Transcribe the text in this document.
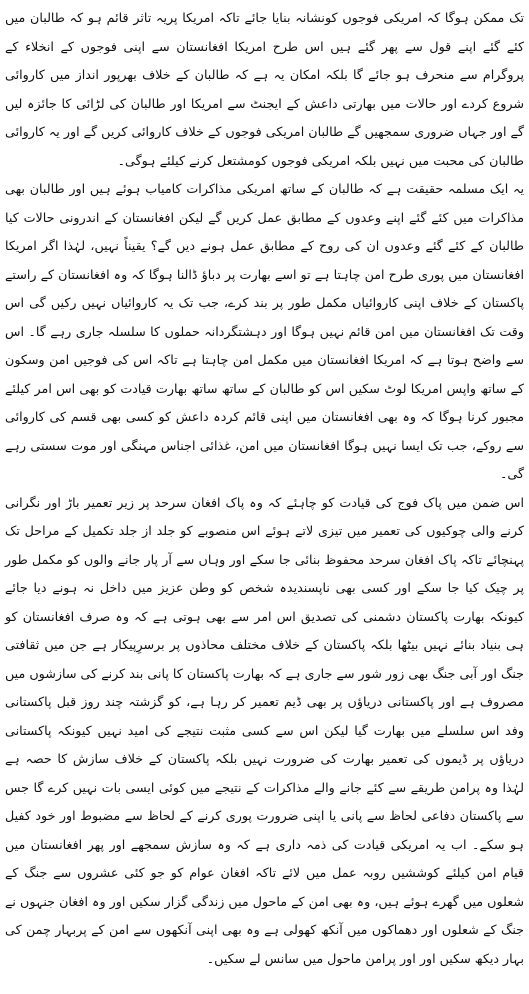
تک ممکن ہوگا کہ امریکی فوجوں کونشانہ بنایا جائے تاکہ امریکا پریہ تاثر قائم ہو کہ طالبان میں کئے گئے اپنے قول سے پھر گئے ہیں اس طرح امریکا افغانستان سے اپنی فوجوں کے انخلاء کے پروگرام سے منحرف ہو جائے گا بلکہ امکان یہ ہے کہ طالبان کے خلاف بھرپور انداز میں کاروائی شروع کردے اور حالات میں بھارتی داعش کے ایجنٹ سے امریکا اور طالبان کی لڑائی کا جائزہ لیں گے اور جہاں ضروری سمجھیں گے طالبان امریکی فوجوں کے خلاف کاروائی کریں گے اور یہ کاروائی طالبان کی محبت میں نہیں بلکہ امریکی فوجوں کومشتعل کرنے کیلئے ہوگی۔

یہ ایک مسلمہ حقیقت ہے کہ طالبان کے ساتھ امریکی مذاکرات کامیاب ہوئے ہیں اور طالبان بھی مذاکرات میں کئے گئے اپنے وعدوں کے مطابق عمل کریں گے لیکن افغانستان کے اندرونی حالات کیا طالبان کے کئے گئے وعدوں ان کی روح کے مطابق عمل ہونے دیں گے؟ یقیناً نہیں، لہٰذا اگر امریکا افغانستان میں پوری طرح امن چاہتا ہے تو اسے بھارت پر دباؤ ڈالنا ہوگا کہ وہ افغانستان کے راستے پاکستان کے خلاف اپنی کاروائیاں مکمل طور پر بند کرے، جب تک یہ کاروائیاں نہیں رکیں گی اس وقت تک افغانستان میں امن قائم نہیں ہوگا اور دہشتگردانہ حملوں کا سلسلہ جاری رہے گا۔ اس سے واضح ہوتا ہے کہ امریکا افغانستان میں مکمل امن چاہتا ہے تاکہ اس کی فوجیں امن وسکون کے ساتھ واپس امریکا لوٹ سکیں اس کو طالبان کے ساتھ ساتھ بھارت قیادت کو بھی اس امر کیلئے مجبور کرنا ہوگا کہ وہ بھی افغانستان میں اپنی قائم کردہ داعش کو کسی بھی قسم کی کاروائی سے روکے، جب تک ایسا نہیں ہوگا افغانستان میں امن، غذائی اجناس مہنگی اور موت سستی رہے گی۔

اس ضمن میں پاک فوج کی قیادت کو چاہئے کہ وہ پاک افغان سرحد پر زیر تعمیر باڑ اور نگرانی کرنے والی چوکیوں کی تعمیر میں تیزی لاتے ہوئے اس منصوبے کو جلد از جلد تکمیل کے مراحل تک پہنچائے تاکہ پاک افغان سرحد محفوظ بنائی جا سکے اور وہاں سے آر پار جانے والوں کو مکمل طور پر چیک کیا جا سکے اور کسی بھی ناپسندیدہ شخص کو وطن عزیز میں داخل نہ ہونے دیا جائے کیونکہ بھارت پاکستان دشمنی کی تصدیق اس امر سے بھی ہوتی ہے کہ وہ صرف افغانستان کو ہی بنیاد بنائے نہیں بیٹھا بلکہ پاکستان کے خلاف مختلف محاذوں پر برسرِپیکار ہے جن میں ثقافتی جنگ اور آبی جنگ بھی زور شور سے جاری ہے کہ بھارت پاکستان کا پانی بند کرنے کی سازشوں میں مصروف ہے اور پاکستانی دریاؤں پر بھی ڈیم تعمیر کر رہا ہے، کو گزشتہ چند روز قبل پاکستانی وفد اس سلسلے میں بھارت گیا لیکن اس سے کسی مثبت نتیجے کی امید نہیں کیونکہ پاکستانی دریاؤں پر ڈیموں کی تعمیر بھارت کی ضرورت نہیں بلکہ پاکستان کے خلاف سازش کا حصہ ہے لہٰذا وہ پرامن طریقے سے کئے جانے والے مذاکرات کے نتیجے میں کوئی ایسی بات نہیں کرے گا جس سے پاکستان دفاعی لحاظ سے پانی یا اپنی ضرورت پوری کرنے کے لحاظ سے مضبوط اور خود کفیل ہو سکے۔ اب یہ امریکی قیادت کی ذمہ داری ہے کہ وہ سازش سمجھے اور پھر افغانستان میں قیام امن کیلئے کوششیں روبہ عمل میں لائے تاکہ افغان عوام کو جو کئی عشروں سے جنگ کے شعلوں میں گھرے ہوئے ہیں، وہ بھی امن کے ماحول میں زندگی گزار سکیں اور وہ افغان جنہوں نے جنگ کے شعلوں اور دھماکوں میں آنکھ کھولی ہے وہ بھی اپنی آنکھوں سے امن کے پربہار چمن کی بہار دیکھ سکیں اور اور پرامن ماحول میں سانس لے سکیں۔
